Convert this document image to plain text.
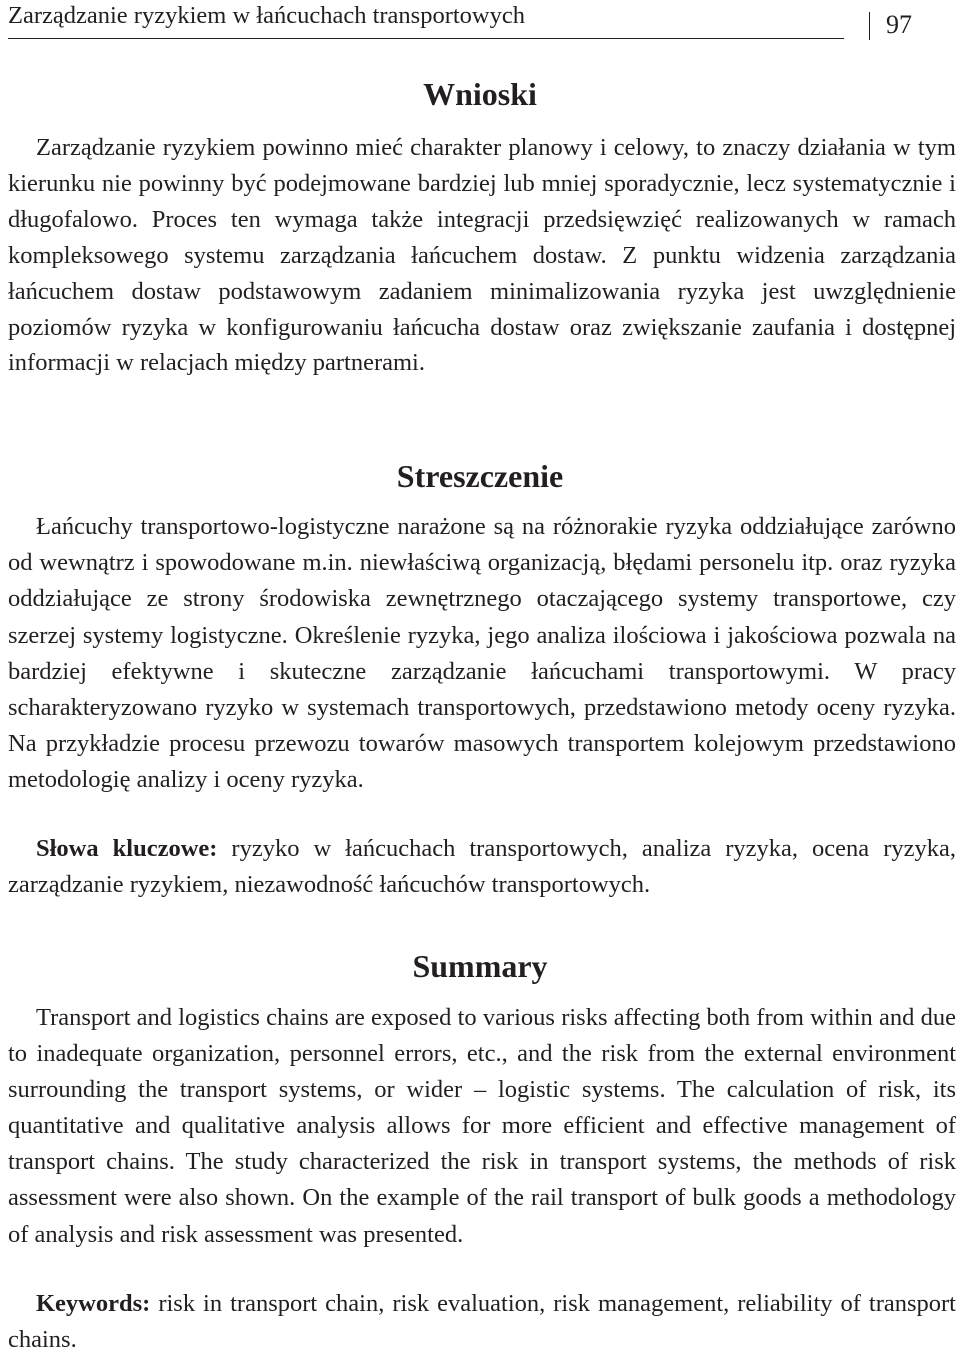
Zarządzanie ryzykiem w łańcuchach transportowych	97
Wnioski
Zarządzanie ryzykiem powinno mieć charakter planowy i celowy, to znaczy działania w tym kierunku nie powinny być podejmowane bardziej lub mniej sporadycznie, lecz systematycznie i długofalowo. Proces ten wymaga także integracji przedsięwzięć realizowanych w ramach kompleksowego systemu zarządzania łańcuchem dostaw. Z punktu widzenia zarządzania łańcuchem dostaw podstawowym zadaniem minimalizowania ryzyka jest uwzględnienie poziomów ryzyka w konfigurowaniu łańcucha dostaw oraz zwiększanie zaufania i dostępnej informacji w relacjach między partnerami.
Streszczenie
Łańcuchy transportowo-logistyczne narażone są na różnorakie ryzyka oddziałujące zarówno od wewnątrz i spowodowane m.in. niewłaściwą organizacją, błędami personelu itp. oraz ryzyka oddziałujące ze strony środowiska zewnętrznego otaczającego systemy transportowe, czy szerzej systemy logistyczne. Określenie ryzyka, jego analiza ilościowa i jakościowa pozwala na bardziej efektywne i skuteczne zarządzanie łańcuchami transportowymi. W pracy scharakteryzowano ryzyko w systemach transportowych, przedstawiono metody oceny ryzyka. Na przykładzie procesu przewozu towarów masowych transportem kolejowym przedstawiono metodologię analizy i oceny ryzyka.
Słowa kluczowe: ryzyko w łańcuchach transportowych, analiza ryzyka, ocena ryzyka, zarządzanie ryzykiem, niezawodność łańcuchów transportowych.
Summary
Transport and logistics chains are exposed to various risks affecting both from within and due to inadequate organization, personnel errors, etc., and the risk from the external environment surrounding the transport systems, or wider – logistic systems. The calculation of risk, its quantitative and qualitative analysis allows for more efficient and effective management of transport chains. The study characterized the risk in transport systems, the methods of risk assessment were also shown. On the example of the rail transport of bulk goods a methodology of analysis and risk assessment was presented.
Keywords: risk in transport chain, risk evaluation, risk management, reliability of transport chains.
